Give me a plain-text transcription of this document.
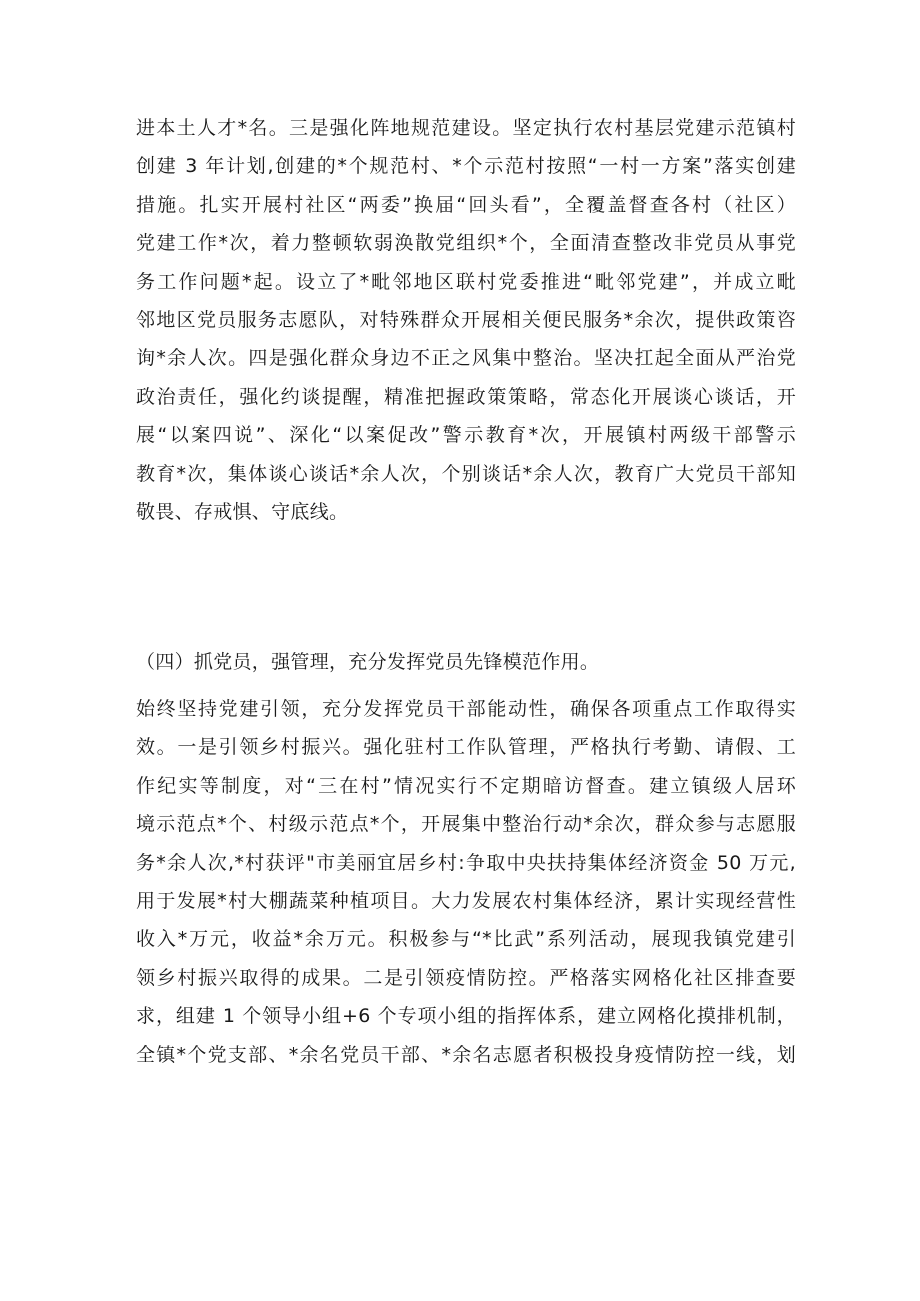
进本土人才*名。三是强化阵地规范建设。坚定执行农村基层党建示范镇村
创建 3 年计划,创建的*个规范村、*个示范村按照“一村一方案”落实创建
措施。扎实开展村社区“两委”换届“回头看”，全覆盖督查各村（社区）
党建工作*次，着力整顿软弱涣散党组织*个，全面清查整改非党员从事党
务工作问题*起。设立了*毗邻地区联村党委推进“毗邻党建”，并成立毗
邻地区党员服务志愿队，对特殊群众开展相关便民服务*余次，提供政策咨
询*余人次。四是强化群众身边不正之风集中整治。坚决扛起全面从严治党
政治责任，强化约谈提醒，精准把握政策策略，常态化开展谈心谈话，开
展“以案四说”、深化“以案促改”警示教育*次，开展镇村两级干部警示
教育*次，集体谈心谈话*余人次，个别谈话*余人次，教育广大党员干部知
敬畏、存戒惧、守底线。
（四）抓党员，强管理，充分发挥党员先锋模范作用。
始终坚持党建引领，充分发挥党员干部能动性，确保各项重点工作取得实
效。一是引领乡村振兴。强化驻村工作队管理，严格执行考勤、请假、工
作纪实等制度，对“三在村”情况实行不定期暗访督查。建立镇级人居环
境示范点*个、村级示范点*个，开展集中整治行动*余次，群众参与志愿服
务*余人次,*村获评"市美丽宜居乡村:争取中央扶持集体经济资金 50 万元,
用于发展*村大棚蔬菜种植项目。大力发展农村集体经济，累计实现经营性
收入*万元，收益*余万元。积极参与“*比武”系列活动，展现我镇党建引
领乡村振兴取得的成果。二是引领疫情防控。严格落实网格化社区排查要
求，组建 1 个领导小组+6 个专项小组的指挥体系，建立网格化摸排机制，
全镇*个党支部、*余名党员干部、*余名志愿者积极投身疫情防控一线，划
